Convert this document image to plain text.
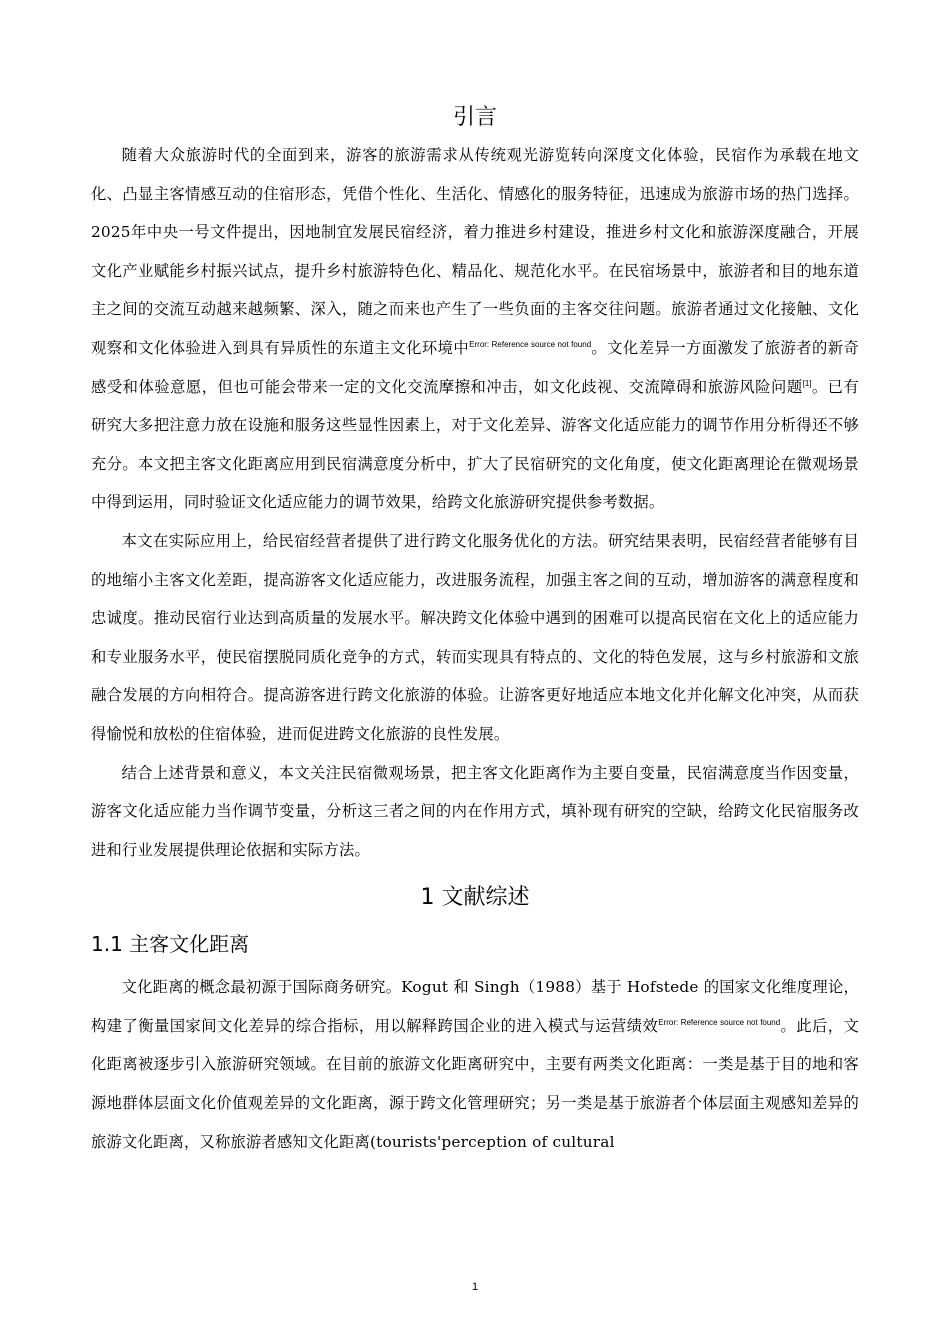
引言

随着大众旅游时代的全面到来，游客的旅游需求从传统观光游览转向深度文化体验，民宿作为承载在地文化、凸显主客情感互动的住宿形态，凭借个性化、生活化、情感化的服务特征，迅速成为旅游市场的热门选择。2025年中央一号文件提出，因地制宜发展民宿经济，着力推进乡村建设，推进乡村文化和旅游深度融合，开展文化产业赋能乡村振兴试点，提升乡村旅游特色化、精品化、规范化水平。在民宿场景中，旅游者和目的地东道主之间的交流互动越来越频繁、深入，随之而来也产生了一些负面的主客交往问题。旅游者通过文化接触、文化观察和文化体验进入到具有异质性的东道主文化环境中$^{Error: Reference source not found}$。文化差异一方面激发了旅游者的新奇感受和体验意愿，但也可能会带来一定的文化交流摩擦和冲击，如文化歧视、交流障碍和旅游风险问题[1]。已有研究大多把注意力放在设施和服务这些显性因素上，对于文化差异、游客文化适应能力的调节作用分析得还不够充分。本文把主客文化距离应用到民宿满意度分析中，扩大了民宿研究的文化角度，使文化距离理论在微观场景中得到运用，同时验证文化适应能力的调节效果，给跨文化旅游研究提供参考数据。

本文在实际应用上，给民宿经营者提供了进行跨文化服务优化的方法。研究结果表明，民宿经营者能够有目的地缩小主客文化差距，提高游客文化适应能力，改进服务流程，加强主客之间的互动，增加游客的满意程度和忠诚度。推动民宿行业达到高质量的发展水平。解决跨文化体验中遇到的困难可以提高民宿在文化上的适应能力和专业服务水平，使民宿摆脱同质化竞争的方式，转而实现具有特点的、文化的特色发展，这与乡村旅游和文旅融合发展的方向相符合。提高游客进行跨文化旅游的体验。让游客更好地适应本地文化并化解文化冲突，从而获得愉悦和放松的住宿体验，进而促进跨文化旅游的良性发展。

结合上述背景和意义，本文关注民宿微观场景，把主客文化距离作为主要自变量，民宿满意度当作因变量，游客文化适应能力当作调节变量，分析这三者之间的内在作用方式，填补现有研究的空缺，给跨文化民宿服务改进和行业发展提供理论依据和实际方法。

1 文献综述
1.1 主客文化距离

文化距离的概念最初源于国际商务研究。Kogut 和 Singh（1988）基于 Hofstede 的国家文化维度理论，构建了衡量国家间文化差异的综合指标，用以解释跨国企业的进入模式与运营绩效$^{Error: Reference source not found}$。此后，文化距离被逐步引入旅游研究领域。在目前的旅游文化距离研究中，主要有两类文化距离：一类是基于目的地和客源地群体层面文化价值观差异的文化距离，源于跨文化管理研究；另一类是基于旅游者个体层面主观感知差异的旅游文化距离，又称旅游者感知文化距离(tourists'perception of cultural

1
